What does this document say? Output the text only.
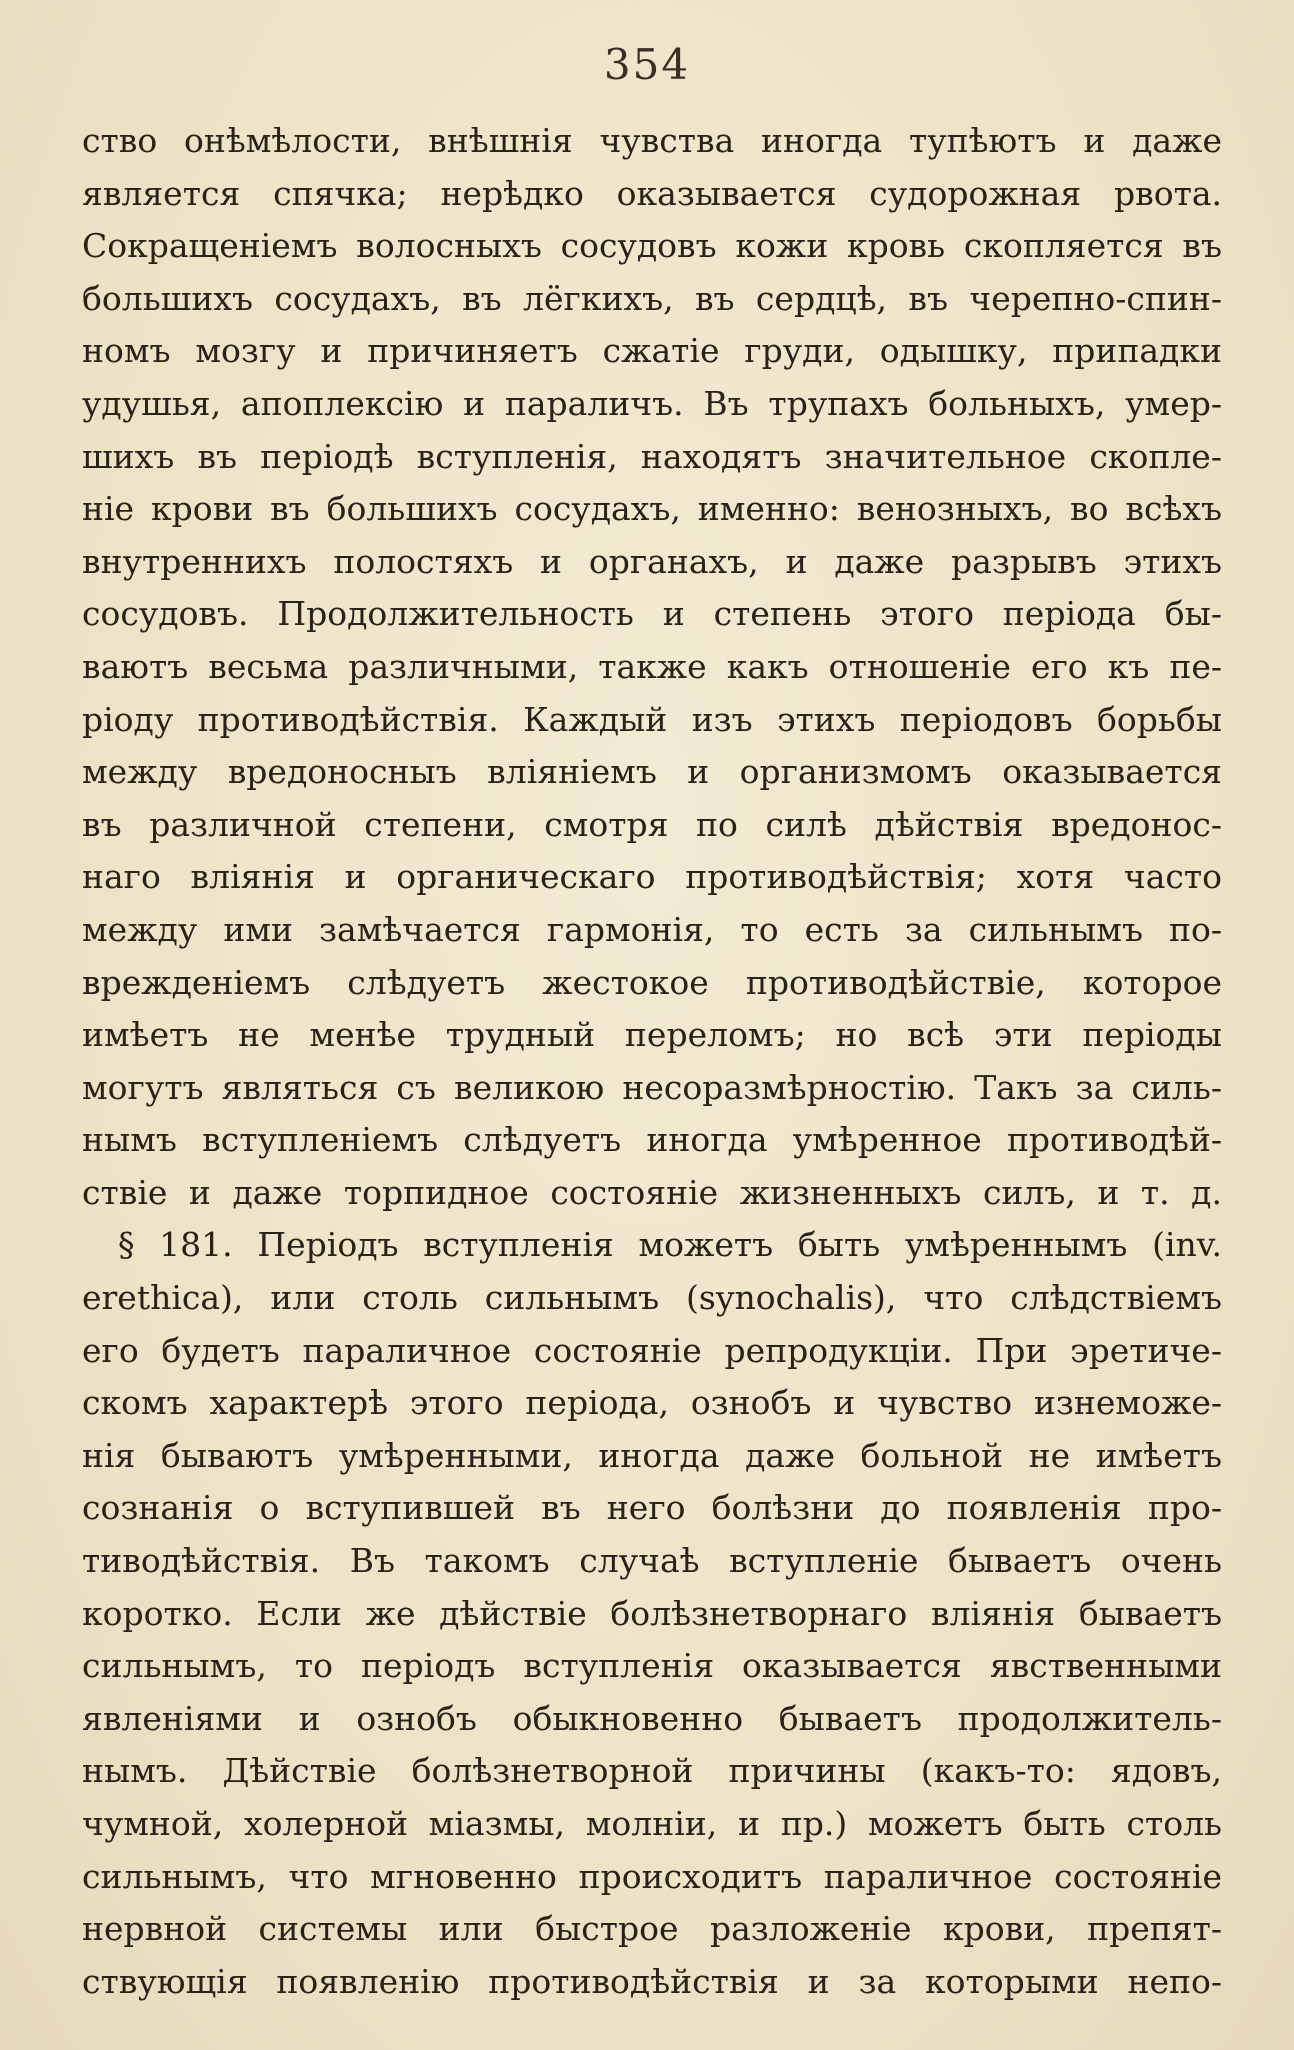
354
ство онѣмѣлости, внѣшнія чувства иногда тупѣютъ и даже
является спячка; нерѣдко оказывается судорожная рвота.
Сокращеніемъ волосныхъ сосудовъ кожи кровь скопляется въ
большихъ сосудахъ, въ лёгкихъ, въ сердцѣ, въ черепно-спин-
номъ мозгу и причиняетъ сжатіе груди, одышку, припадки
удушья, апоплексію и параличъ. Въ трупахъ больныхъ, умер-
шихъ въ періодѣ вступленія, находятъ значительное скопле-
ніе крови въ большихъ сосудахъ, именно: венозныхъ, во всѣхъ
внутреннихъ полостяхъ и органахъ, и даже разрывъ этихъ
сосудовъ. Продолжительность и степень этого періода бы-
ваютъ весьма различными, также какъ отношеніе его къ пе-
ріоду противодѣйствія. Каждый изъ этихъ періодовъ борьбы
между вредоносныъ вліяніемъ и организмомъ оказывается
въ различной степени, смотря по силѣ дѣйствія вредонос-
наго вліянія и органическаго противодѣйствія; хотя часто
между ими замѣчается гармонія, то есть за сильнымъ по-
врежденіемъ слѣдуетъ жестокое противодѣйствіе, которое
имѣетъ не менѣе трудный переломъ; но всѣ эти періоды
могутъ являться съ великою несоразмѣрностію. Такъ за силь-
нымъ вступленіемъ слѣдуетъ иногда умѣренное противодѣй-
ствіе и даже торпидное состояніе жизненныхъ силъ, и т. д.
§ 181. Періодъ вступленія можетъ быть умѣреннымъ (inv.
erethica), или столь сильнымъ (synochalis), что слѣдствіемъ
его будетъ параличное состояніе репродукціи. При эретиче-
скомъ характерѣ этого періода, ознобъ и чувство изнеможе-
нія бываютъ умѣренными, иногда даже больной не имѣетъ
сознанія о вступившей въ него болѣзни до появленія про-
тиводѣйствія. Въ такомъ случаѣ вступленіе бываетъ очень
коротко. Если же дѣйствіе болѣзнетворнаго вліянія бываетъ
сильнымъ, то періодъ вступленія оказывается явственными
явленіями и ознобъ обыкновенно бываетъ продолжитель-
нымъ. Дѣйствіе болѣзнетворной причины (какъ-то: ядовъ,
чумной, холерной міазмы, молніи, и пр.) можетъ быть столь
сильнымъ, что мгновенно происходитъ параличное состояніе
нервной системы или быстрое разложеніе крови, препят-
ствующія появленію противодѣйствія и за которыми непо-
